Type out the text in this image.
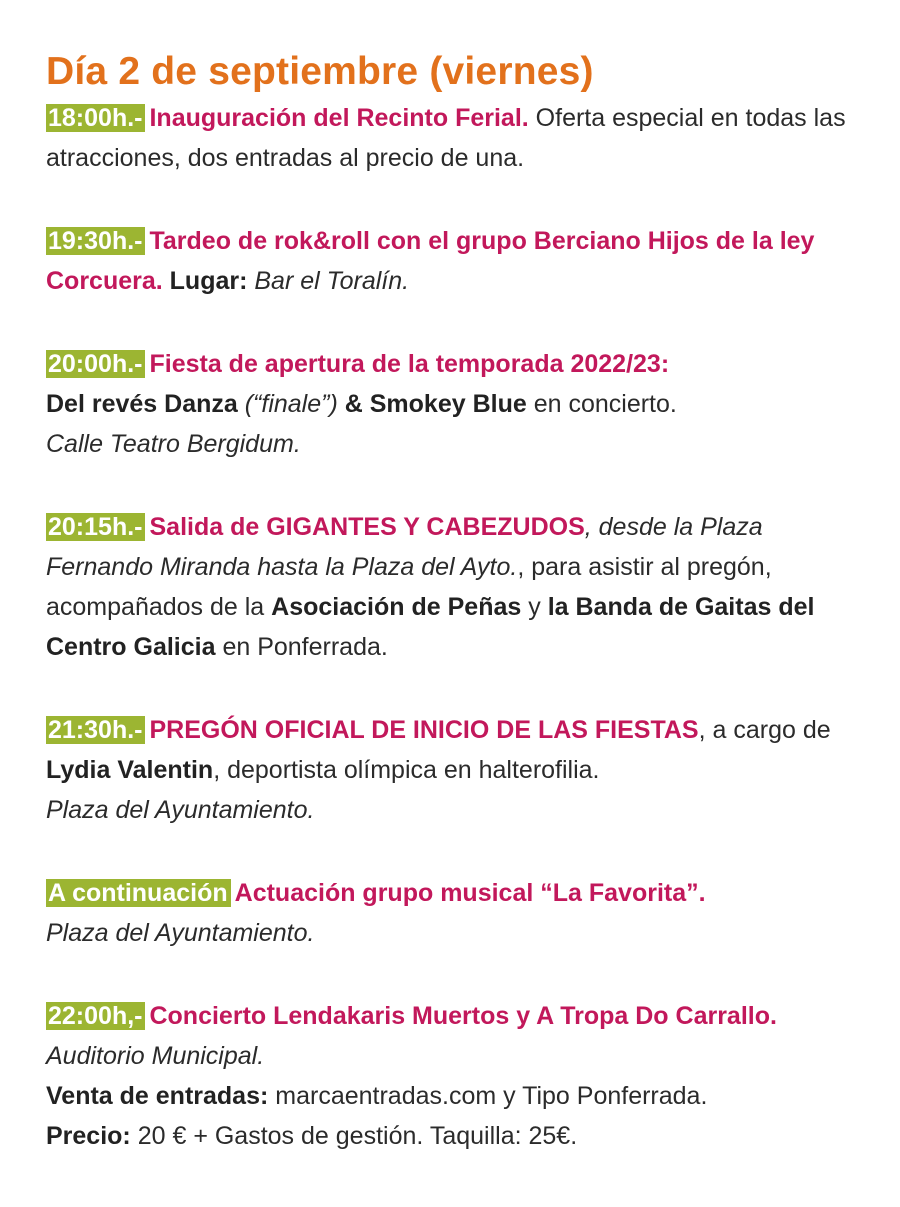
Día 2 de septiembre (viernes)

18:00h.- Inauguración del Recinto Ferial. Oferta especial en todas las atracciones, dos entradas al precio de una.

19:30h.- Tardeo de rok&roll con el grupo Berciano Hijos de la ley Corcuera. Lugar: Bar el Toralín.

20:00h.- Fiesta de apertura de la temporada 2022/23:
Del revés Danza (“finale”) & Smokey Blue en concierto.
Calle Teatro Bergidum.

20:15h.- Salida de GIGANTES Y CABEZUDOS, desde la Plaza Fernando Miranda hasta la Plaza del Ayto., para asistir al pregón, acompañados de la Asociación de Peñas y la Banda de Gaitas del Centro Galicia en Ponferrada.

21:30h.- PREGÓN OFICIAL DE INICIO DE LAS FIESTAS, a cargo de Lydia Valentin, deportista olímpica en halterofilia.
Plaza del Ayuntamiento.

A continuación Actuación grupo musical “La Favorita”.
Plaza del Ayuntamiento.

22:00h,- Concierto Lendakaris Muertos y A Tropa Do Carrallo. Auditorio Municipal.
Venta de entradas: marcaentradas.com y Tipo Ponferrada.
Precio: 20 € + Gastos de gestión. Taquilla: 25€.
